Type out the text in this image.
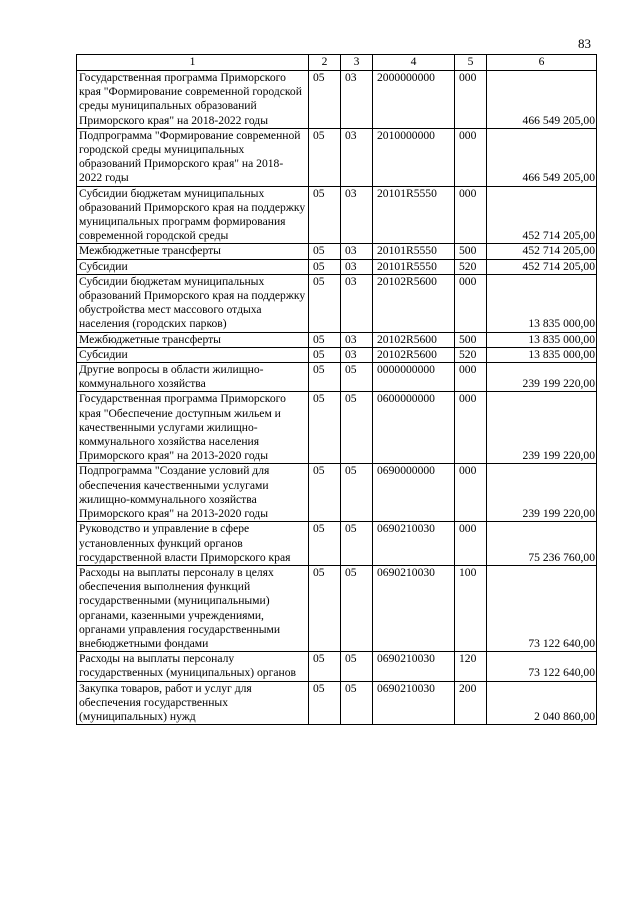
83
1	2	3	4	5	6
Государственная программа Приморского края "Формирование современной городской среды муниципальных образований Приморского края" на 2018-2022 годы	05	03	2000000000	000	466 549 205,00
Подпрограмма "Формирование современной городской среды муниципальных образований Приморского края" на 2018-2022 годы	05	03	2010000000	000	466 549 205,00
Субсидии бюджетам муниципальных образований Приморского края на поддержку муниципальных программ формирования современной городской среды	05	03	20101R5550	000	452 714 205,00
Межбюджетные трансферты	05	03	20101R5550	500	452 714 205,00
Субсидии	05	03	20101R5550	520	452 714 205,00
Субсидии бюджетам муниципальных образований Приморского края на поддержку обустройства мест массового отдыха населения (городских парков)	05	03	20102R5600	000	13 835 000,00
Межбюджетные трансферты	05	03	20102R5600	500	13 835 000,00
Субсидии	05	03	20102R5600	520	13 835 000,00
Другие вопросы в области жилищно-коммунального хозяйства	05	05	0000000000	000	239 199 220,00
Государственная программа Приморского края "Обеспечение доступным жильем и качественными услугами жилищно-коммунального хозяйства населения Приморского края" на 2013-2020 годы	05	05	0600000000	000	239 199 220,00
Подпрограмма "Создание условий для обеспечения качественными услугами жилищно-коммунального хозяйства Приморского края" на 2013-2020 годы	05	05	0690000000	000	239 199 220,00
Руководство и управление в сфере установленных функций органов государственной власти Приморского края	05	05	0690210030	000	75 236 760,00
Расходы на выплаты персоналу в целях обеспечения выполнения функций государственными (муниципальными) органами, казенными учреждениями, органами управления государственными внебюджетными фондами	05	05	0690210030	100	73 122 640,00
Расходы на выплаты персоналу государственных (муниципальных) органов	05	05	0690210030	120	73 122 640,00
Закупка товаров, работ и услуг для обеспечения государственных (муниципальных) нужд	05	05	0690210030	200	2 040 860,00
